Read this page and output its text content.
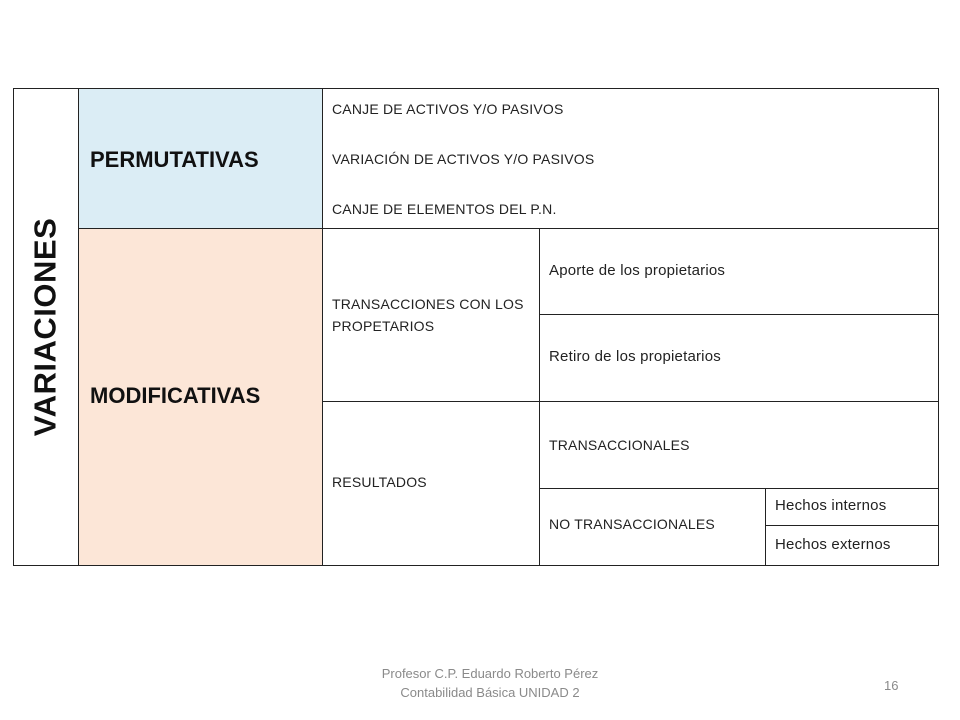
VARIACIONES
PERMUTATIVAS
MODIFICATIVAS
CANJE DE ACTIVOS Y/O PASIVOS
VARIACIÓN DE ACTIVOS Y/O PASIVOS
CANJE DE ELEMENTOS DEL P.N.
TRANSACCIONES CON LOS PROPETARIOS
Aporte de los propietarios
Retiro de los propietarios
RESULTADOS
TRANSACCIONALES
NO TRANSACCIONALES
Hechos internos
Hechos externos
Profesor C.P. Eduardo Roberto Pérez
Contabilidad Básica UNIDAD 2	16
